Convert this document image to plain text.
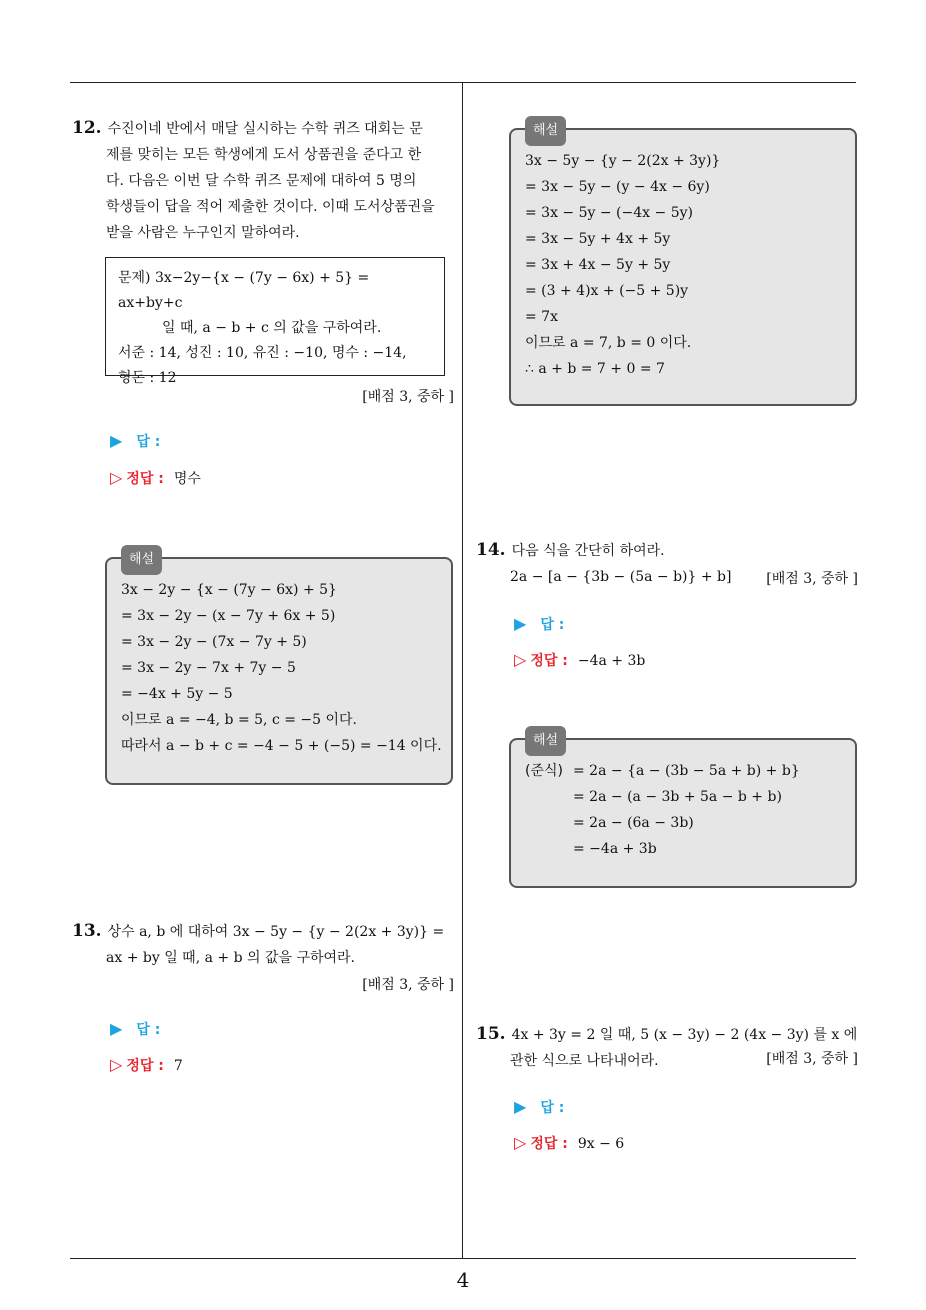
4

12. 수진이네 반에서 매달 실시하는 수학 퀴즈 대회는 문

제를 맞히는 모든 학생에게 도서 상품권을 준다고 한

다. 다음은 이번 달 수학 퀴즈 문제에 대하여 5 명의

학생들이 답을 적어 제출한 것이다. 이때 도서상품권을

받을 사람은 누구인지 말하여라.

문제) 3x−2y−{x − (7y − 6x) + 5} = ax+by+c
일 때, a − b + c 의 값을 구하여라.
서준 : 14, 성진 : 10, 유진 : −10, 명수 : −14,
형돈 : 12
[배점 3, 중하 ]
▶ 답 :
▷ 정답 : 명수
해설
3x − 2y − {x − (7y − 6x) + 5}
= 3x − 2y − (x − 7y + 6x + 5)
= 3x − 2y − (7x − 7y + 5)
= 3x − 2y − 7x + 7y − 5
= −4x + 5y − 5
이므로 a = −4, b = 5, c = −5 이다.
따라서 a − b + c = −4 − 5 + (−5) = −14 이다.

13. 상수 a, b 에 대하여 3x − 5y − {y − 2(2x + 3y)} =

ax + by 일 때, a + b 의 값을 구하여라.

[배점 3, 중하 ]
▶ 답 :
▷ 정답 : 7
해설
3x − 5y − {y − 2(2x + 3y)}
= 3x − 5y − (y − 4x − 6y)
= 3x − 5y − (−4x − 5y)
= 3x − 5y + 4x + 5y
= 3x + 4x − 5y + 5y
= (3 + 4)x + (−5 + 5)y
= 7x
이므로 a = 7, b = 0 이다.
∴ a + b = 7 + 0 = 7

14. 다음 식을 간단히 하여라.

2a − [a − {3b − (5a − b)} + b]	[배점 3, 중하 ]
▶ 답 :
▷ 정답 : −4a + 3b
해설
(준식) = 2a − {a − (3b − 5a + b) + b}
= 2a − (a − 3b + 5a − b + b)
= 2a − (6a − 3b)
= −4a + 3b

15. 4x + 3y = 2 일 때, 5 (x − 3y) − 2 (4x − 3y) 를 x 에

관한 식으로 나타내어라.	[배점 3, 중하 ]
▶ 답 :
▷ 정답 : 9x − 6
